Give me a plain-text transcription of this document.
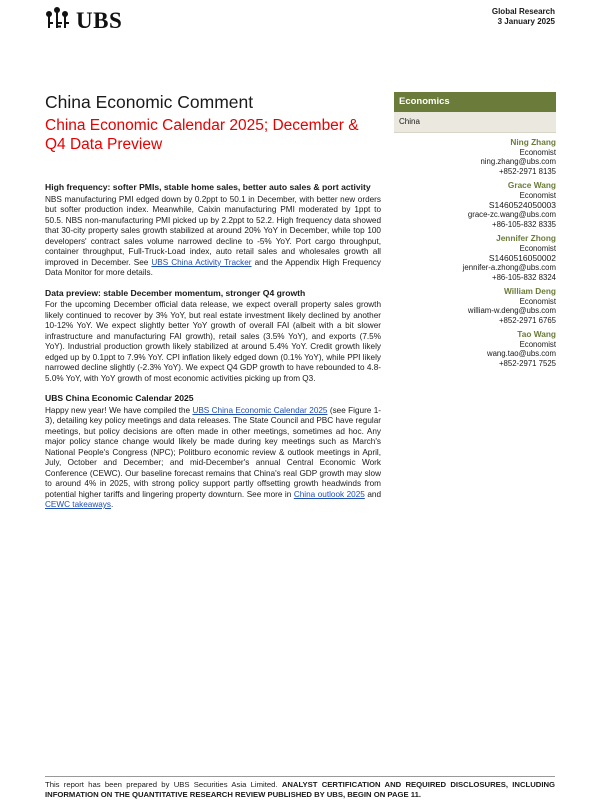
UBS	Global Research
3 January 2025
China Economic Comment
China Economic Calendar 2025; December & Q4 Data Preview
High frequency: softer PMIs, stable home sales, better auto sales & port activity

NBS manufacturing PMI edged down by 0.2ppt to 50.1 in December, with better new orders but softer production index. Meanwhile, Caixin manufacturing PMI moderated by 1ppt to 50.5. NBS non-manufacturing PMI picked up by 2.2ppt to 52.2. High frequency data showed that 30-city property sales growth stabilized at around 20% YoY in December, while top 100 developers' contract sales volume narrowed decline to -5% YoY. Port cargo throughput, container throughput, Full-Truck-Load index, auto retail sales and wholesales growth all improved in December. See UBS China Activity Tracker and the Appendix High Frequency Data Monitor for more details.

Data preview: stable December momentum, stronger Q4 growth

For the upcoming December official data release, we expect overall property sales growth likely continued to recover by 3% YoY, but real estate investment likely declined by another 10-12% YoY. We expect slightly better YoY growth of overall FAI (albeit with a bit slower infrastructure and manufacturing FAI growth), retail sales (3.5% YoY), and exports (7.5% YoY). Industrial production growth likely stabilized at around 5.4% YoY. Credit growth likely edged up by 0.1ppt to 7.9% YoY. CPI inflation likely edged down (0.1% YoY), while PPI likely narrowed decline slightly (-2.3% YoY). We expect Q4 GDP growth to have rebounded to 4.8-5.0% YoY, with YoY growth of most economic activities picking up from Q3.

UBS China Economic Calendar 2025

Happy new year! We have compiled the UBS China Economic Calendar 2025 (see Figure 1-3), detailing key policy meetings and data releases. The State Council and PBC have regular meetings, but policy decisions are often made in other meetings, sometimes ad hoc. Any major policy stance change would likely be made during key meetings such as March's National People's Congress (NPC); Politburo economic review & outlook meetings in April, July, October and December; and mid-December's annual Central Economic Work Conference (CEWC). Our baseline forecast remains that China's real GDP growth may slow to around 4% in 2025, with strong policy support partly offsetting growth headwinds from potential higher tariffs and lingering property downturn. See more in China outlook 2025 and CEWC takeaways.

Economics
China
Ning Zhang
Economist
ning.zhang@ubs.com
+852-2971 8135
Grace Wang
Economist
S1460524050003
grace-zc.wang@ubs.com
+86-105-832 8335
Jennifer Zhong
Economist
S1460516050002
jennifer-a.zhong@ubs.com
+86-105-832 8324
William Deng
Economist
william-w.deng@ubs.com
+852-2971 6765
Tao Wang
Economist
wang.tao@ubs.com
+852-2971 7525
This report has been prepared by UBS Securities Asia Limited. ANALYST CERTIFICATION AND REQUIRED DISCLOSURES, INCLUDING INFORMATION ON THE QUANTITATIVE RESEARCH REVIEW PUBLISHED BY UBS, BEGIN ON PAGE 11.
